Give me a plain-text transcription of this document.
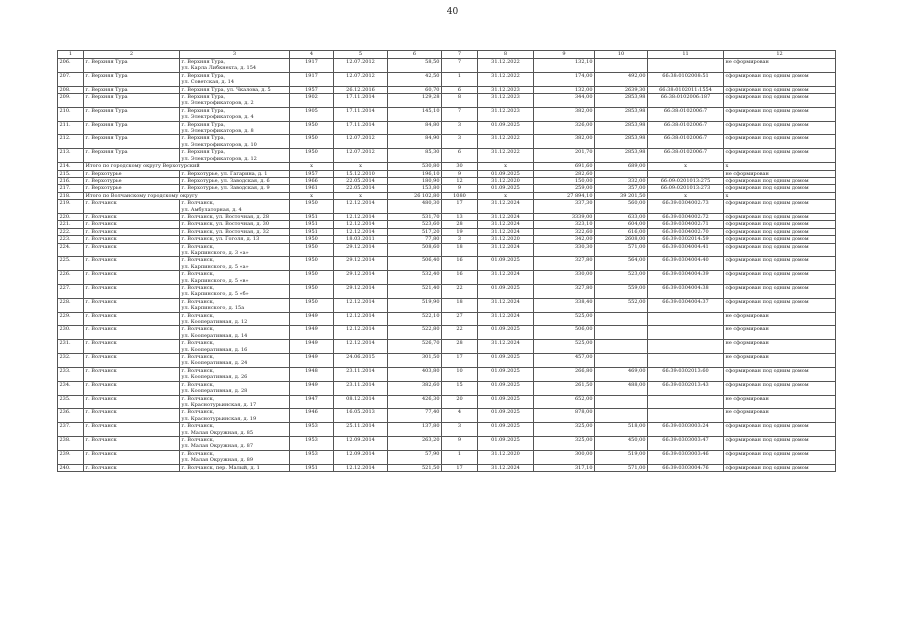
40
1	2	3	4	5	6	7	8	9	10	11	12
206.	г. Верхняя Тура	г. Верхняя Тура,
ул. Карла Либкнехта, д. 154	1917	12.07.2012	58,50	7	31.12.2022	132,10			не сформирован
207.	г. Верхняя Тура	г. Верхняя Тура,
ул. Советская, д. 14	1917	12.07.2012	42,50	1	31.12.2022	174,00	492,00	66:38:0102008:51	сформирован под одним домом
208.	г. Верхняя Тура	г. Верхняя Тура, ул. Чкалова, д. 5	1957	26.12.2016	60,70	6	31.12.2023	132,00	2639,30	66:38:0102011:1554	сформирован под одним домом
209.	г. Верхняя Тура	г. Верхняя Тура,
ул. Электрофикаторов, д. 2	1902	17.11.2014	129,28	8	31.12.2023	344,00	2853,98	66:38:0102006:187	сформирован под одним домом
210.	г. Верхняя Тура	г. Верхняя Тура,
ул. Электрофикаторов, д. 4	1905	17.11.2014	145,10	7	31.12.2023	382,00	2853,98	66:38:0102006:7	сформирован под одним домом
211.	г. Верхняя Тура	г. Верхняя Тура,
ул. Электрофикаторов, д. 8	1950	17.11.2014	84,80	3	01.09.2025	326,00	2853,98	66:38:0102006:7	сформирован под одним домом
212.	г. Верхняя Тура	г. Верхняя Тура,
ул. Электрофикаторов, д. 10	1950	12.07.2012	84,90	3	31.12.2022	382,00	2853,98	66:38:0102006:7	сформирован под одним домом
213.	г. Верхняя Тура	г. Верхняя Тура,
ул. Электрофикаторов, д. 12	1950	12.07.2012	85,30	6	31.12.2022	201,70	2853,98	66:38:0102006:7	сформирован под одним домом
214.	Итого по городскому округу Верхотурский		х	х	530,80	30	х	691,60	689,00	х	х
215.	г. Верхотурье	г. Верхотурье, ул. Гагарина, д. 1	1957	15.12.2010	196,10	9	01.09.2025	282,60			не сформирован
216.	г. Верхотурье	г. Верхотурье, ул. Заводская, д. 6	1966	22.05.2014	180,90	12	31.12.2020	150,00	332,00	66:09:0201013:275	сформирован под одним домом
217.	г. Верхотурье	г. Верхотурье, ул. Заводская, д. 9	1961	22.05.2014	153,80	9	01.09.2025	259,00	357,00	66:09:0201013:273	сформирован под одним домом
218.	Итого по Волчанскому городскому округу		х	х	26 102,80	1080	х	27 894,10	39 201,50	х	х
219.	г. Волчанск	г. Волчанск,
ул. Амбулаторная, д. 4	1950	12.12.2014	480,30	17	31.12.2024	337,30	560,00	66:39:0304002:73	сформирован под одним домом
220.	г. Волчанск	г. Волчанск, ул. Восточная, д. 28	1951	12.12.2014	531,70	13	31.12.2024	3339,00	633,00	66:39:0304002:72	сформирован под одним домом
221.	г. Волчанск	г. Волчанск, ул. Восточная, д. 30	1951	12.12.2014	523,60	28	31.12.2024	323,10	604,00	66:39:0304002:71	сформирован под одним домом
222.	г. Волчанск	г. Волчанск, ул. Восточная, д. 32	1951	12.12.2014	517,20	19	31.12.2024	322,60	616,00	66:39:0304002:70	сформирован под одним домом
223.	г. Волчанск	г. Волчанск, ул. Гоголя, д. 13	1950	18.03.2011	77,80	3	31.12.2020	342,00	2608,00	66:39:0302014:59	сформирован под одним домом
224.	г. Волчанск	г. Волчанск,
ул. Карпинского, д. 3 «а»	1950	29.12.2014	508,60	18	31.12.2024	330,30	571,00	66:39:0304004:41	сформирован под одним домом
225.	г. Волчанск	г. Волчанск,
ул. Карпинского, д. 5 «а»	1950	29.12.2014	506,40	16	01.09.2025	327,80	564,00	66:39:0304004:40	сформирован под одним домом
226.	г. Волчанск	г. Волчанск,
ул. Карпинского, д. 5 «в»	1950	29.12.2014	532,40	16	31.12.2024	330,00	523,00	66:39:0304004:39	сформирован под одним домом
227.	г. Волчанск	г. Волчанск,
ул. Карпинского, д. 5 «б»	1950	29.12.2014	521,40	22	01.09.2025	327,80	559,00	66:39:0304004:38	сформирован под одним домом
228.	г. Волчанск	г. Волчанск,
ул. Карпинского, д. 15а	1950	12.12.2014	519,90	18	31.12.2024	338,40	552,00	66:39:0304004:37	сформирован под одним домом
229.	г. Волчанск	г. Волчанск,
ул. Кооперативная, д. 12	1949	12.12.2014	522,10	27	31.12.2024	525,00			не сформирован
230.	г. Волчанск	г. Волчанск,
ул. Кооперативная, д. 14	1949	12.12.2014	522,80	22	01.09.2025	506,00			не сформирован
231.	г. Волчанск	г. Волчанск,
ул. Кооперативная, д. 16	1949	12.12.2014	526,70	28	31.12.2024	525,00			не сформирован
232.	г. Волчанск	г. Волчанск,
ул. Кооперативная, д. 24	1949	24.06.2015	301,50	17	01.09.2025	457,00			не сформирован
233.	г. Волчанск	г. Волчанск,
ул. Кооперативная, д. 26	1948	23.11.2014	403,80	10	01.09.2025	266,80	469,00	66:39:0302013:60	сформирован под одним домом
234.	г. Волчанск	г. Волчанск,
ул. Кооперативная, д. 28	1949	23.11.2014	382,60	15	01.09.2025	261,50	488,00	66:39:0302013:43	сформирован под одним домом
235.	г. Волчанск	г. Волчанск,
ул. Краснотурьинская, д. 17	1947	08.12.2014	426,30	20	01.09.2025	652,00			не сформирован
236.	г. Волчанск	г. Волчанск,
ул. Краснотурьинская, д. 19	1946	16.05.2013	77,40	4	01.09.2025	878,00			не сформирован
237.	г. Волчанск	г. Волчанск,
ул. Малая Окружная, д. 85	1953	25.11.2014	137,80	3	01.09.2025	325,00	518,00	66:39:0303003:24	сформирован под одним домом
238.	г. Волчанск	г. Волчанск,
ул. Малая Окружная, д. 87	1953	12.09.2014	263,20	9	01.09.2025	325,00	450,00	66:39:0303003:47	сформирован под одним домом
239.	г. Волчанск	г. Волчанск,
ул. Малая Окружная, д. 89	1953	12.09.2014	57,90	1	31.12.2020	300,00	519,00	66:39:0303003:46	сформирован под одним домом
240.	г. Волчанск	г. Волчанск, пер. Малый, д. 1	1951	12.12.2014	521,50	17	31.12.2024	317,10	571,00	66:39:0303004:76	сформирован под одним домом
